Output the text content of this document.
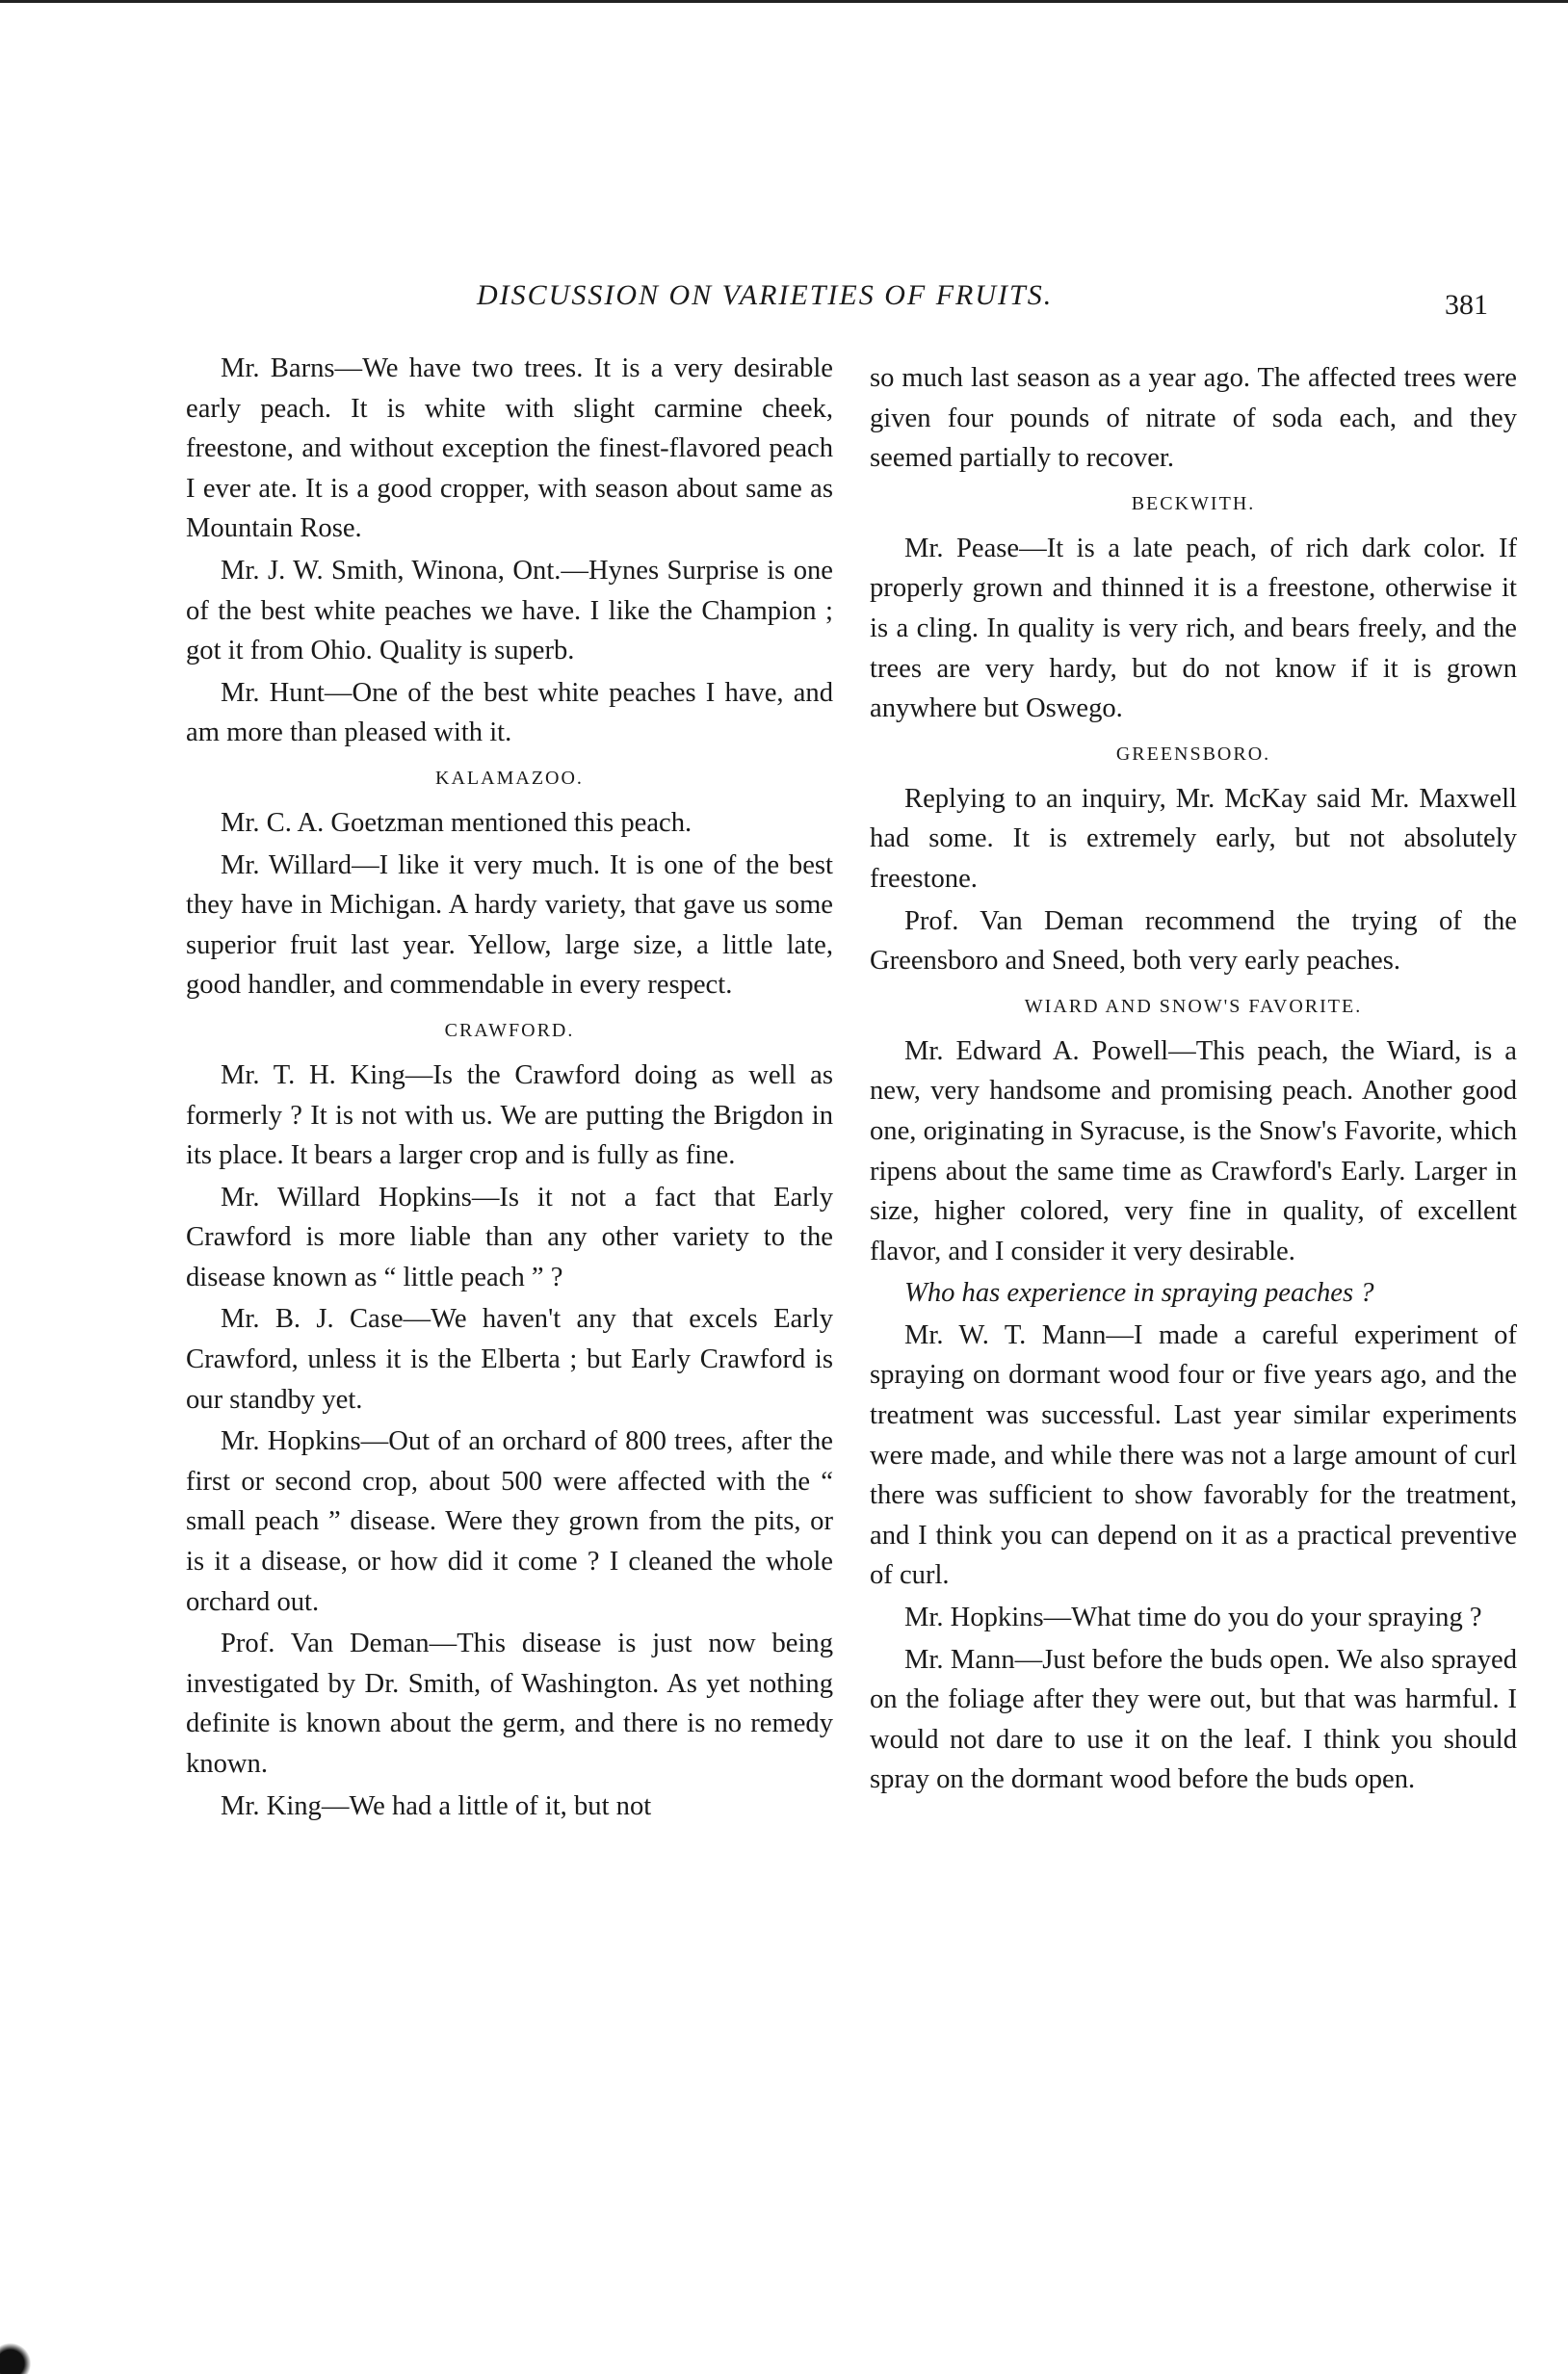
DISCUSSION ON VARIETIES OF FRUITS.	381

Mr. Barns—We have two trees. It is a very desirable early peach. It is white with slight carmine cheek, freestone, and without exception the finest-flavored peach I ever ate. It is a good cropper, with season about same as Mountain Rose.

Mr. J. W. Smith, Winona, Ont.—Hynes Surprise is one of the best white peaches we have. I like the Champion ; got it from Ohio. Quality is superb.

Mr. Hunt—One of the best white peaches I have, and am more than pleased with it.

KALAMAZOO.

Mr. C. A. Goetzman mentioned this peach.

Mr. Willard—I like it very much. It is one of the best they have in Michigan. A hardy variety, that gave us some superior fruit last year. Yellow, large size, a little late, good handler, and commendable in every respect.

CRAWFORD.

Mr. T. H. King—Is the Crawford doing as well as formerly ? It is not with us. We are putting the Brigdon in its place. It bears a larger crop and is fully as fine.

Mr. Willard Hopkins—Is it not a fact that Early Crawford is more liable than any other variety to the disease known as “ little peach ” ?

Mr. B. J. Case—We haven't any that excels Early Crawford, unless it is the Elberta ; but Early Crawford is our standby yet.

Mr. Hopkins—Out of an orchard of 800 trees, after the first or second crop, about 500 were affected with the “ small peach ” disease. Were they grown from the pits, or is it a disease, or how did it come ? I cleaned the whole orchard out.

Prof. Van Deman—This disease is just now being investigated by Dr. Smith, of Washington. As yet nothing definite is known about the germ, and there is no remedy known.

Mr. King—We had a little of it, but not

so much last season as a year ago. The affected trees were given four pounds of nitrate of soda each, and they seemed partially to recover.

BECKWITH.

Mr. Pease—It is a late peach, of rich dark color. If properly grown and thinned it is a freestone, otherwise it is a cling. In quality is very rich, and bears freely, and the trees are very hardy, but do not know if it is grown anywhere but Oswego.

GREENSBORO.

Replying to an inquiry, Mr. McKay said Mr. Maxwell had some. It is extremely early, but not absolutely freestone.

Prof. Van Deman recommend the trying of the Greensboro and Sneed, both very early peaches.

WIARD AND SNOW'S FAVORITE.

Mr. Edward A. Powell—This peach, the Wiard, is a new, very handsome and promising peach. Another good one, originating in Syracuse, is the Snow's Favorite, which ripens about the same time as Crawford's Early. Larger in size, higher colored, very fine in quality, of excellent flavor, and I consider it very desirable.

Who has experience in spraying peaches ?

Mr. W. T. Mann—I made a careful experiment of spraying on dormant wood four or five years ago, and the treatment was successful. Last year similar experiments were made, and while there was not a large amount of curl there was sufficient to show favorably for the treatment, and I think you can depend on it as a practical preventive of curl.

Mr. Hopkins—What time do you do your spraying ?

Mr. Mann—Just before the buds open. We also sprayed on the foliage after they were out, but that was harmful. I would not dare to use it on the leaf. I think you should spray on the dormant wood before the buds open.
